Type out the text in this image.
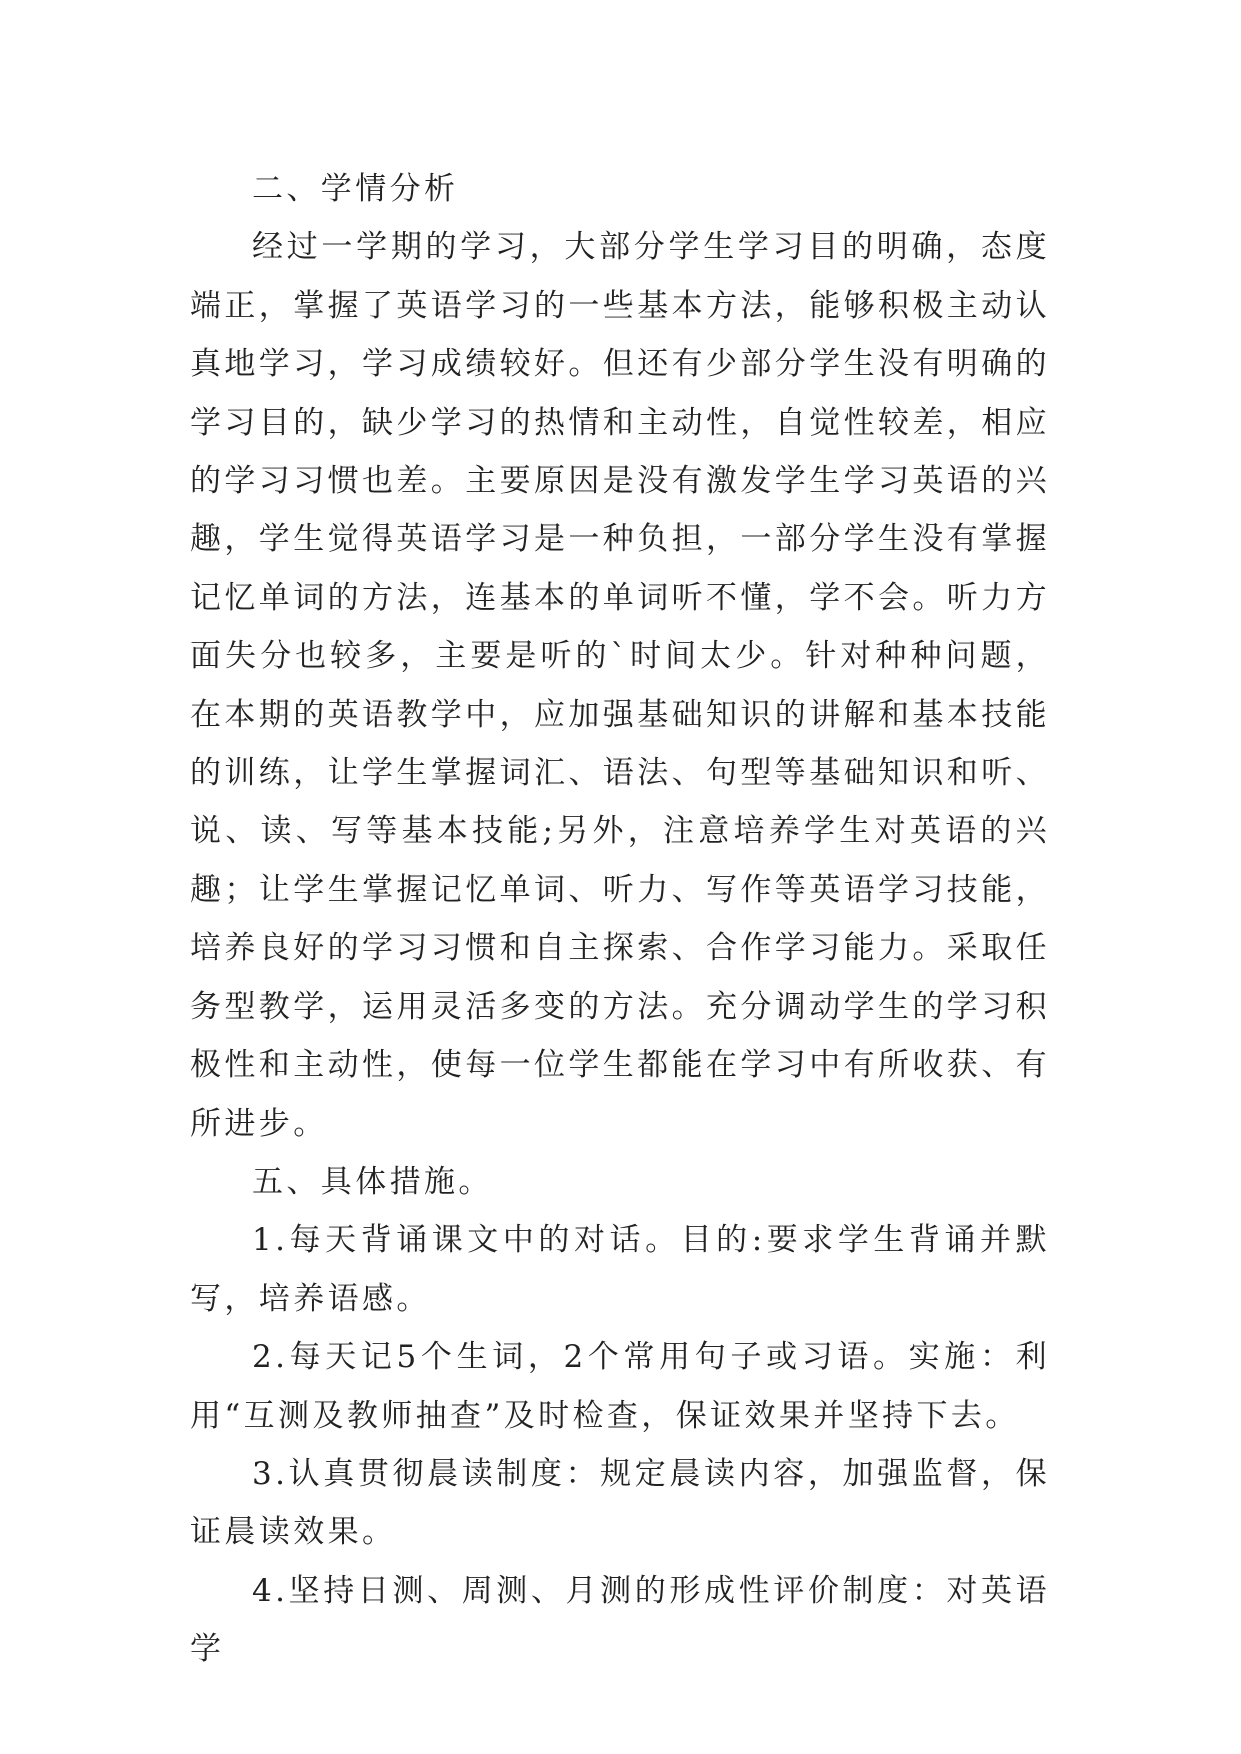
二、学情分析

经过一学期的学习，大部分学生学习目的明确，态度端正，掌握了英语学习的一些基本方法，能够积极主动认真地学习，学习成绩较好。但还有少部分学生没有明确的学习目的，缺少学习的热情和主动性，自觉性较差，相应的学习习惯也差。主要原因是没有激发学生学习英语的兴趣，学生觉得英语学习是一种负担，一部分学生没有掌握记忆单词的方法，连基本的单词听不懂，学不会。听力方面失分也较多，主要是听的`时间太少。针对种种问题，在本期的英语教学中，应加强基础知识的讲解和基本技能的训练，让学生掌握词汇、语法、句型等基础知识和听、说、读、写等基本技能;另外，注意培养学生对英语的兴趣；让学生掌握记忆单词、听力、写作等英语学习技能，培养良好的学习习惯和自主探索、合作学习能力。采取任务型教学，运用灵活多变的方法。充分调动学生的学习积极性和主动性，使每一位学生都能在学习中有所收获、有所进步。

五、具体措施。

1.每天背诵课文中的对话。目的:要求学生背诵并默写，培养语感。

2.每天记5个生词，2个常用句子或习语。实施：利用“互测及教师抽查”及时检查，保证效果并坚持下去。

3.认真贯彻晨读制度：规定晨读内容，加强监督，保证晨读效果。

4.坚持日测、周测、月测的形成性评价制度：对英语学
